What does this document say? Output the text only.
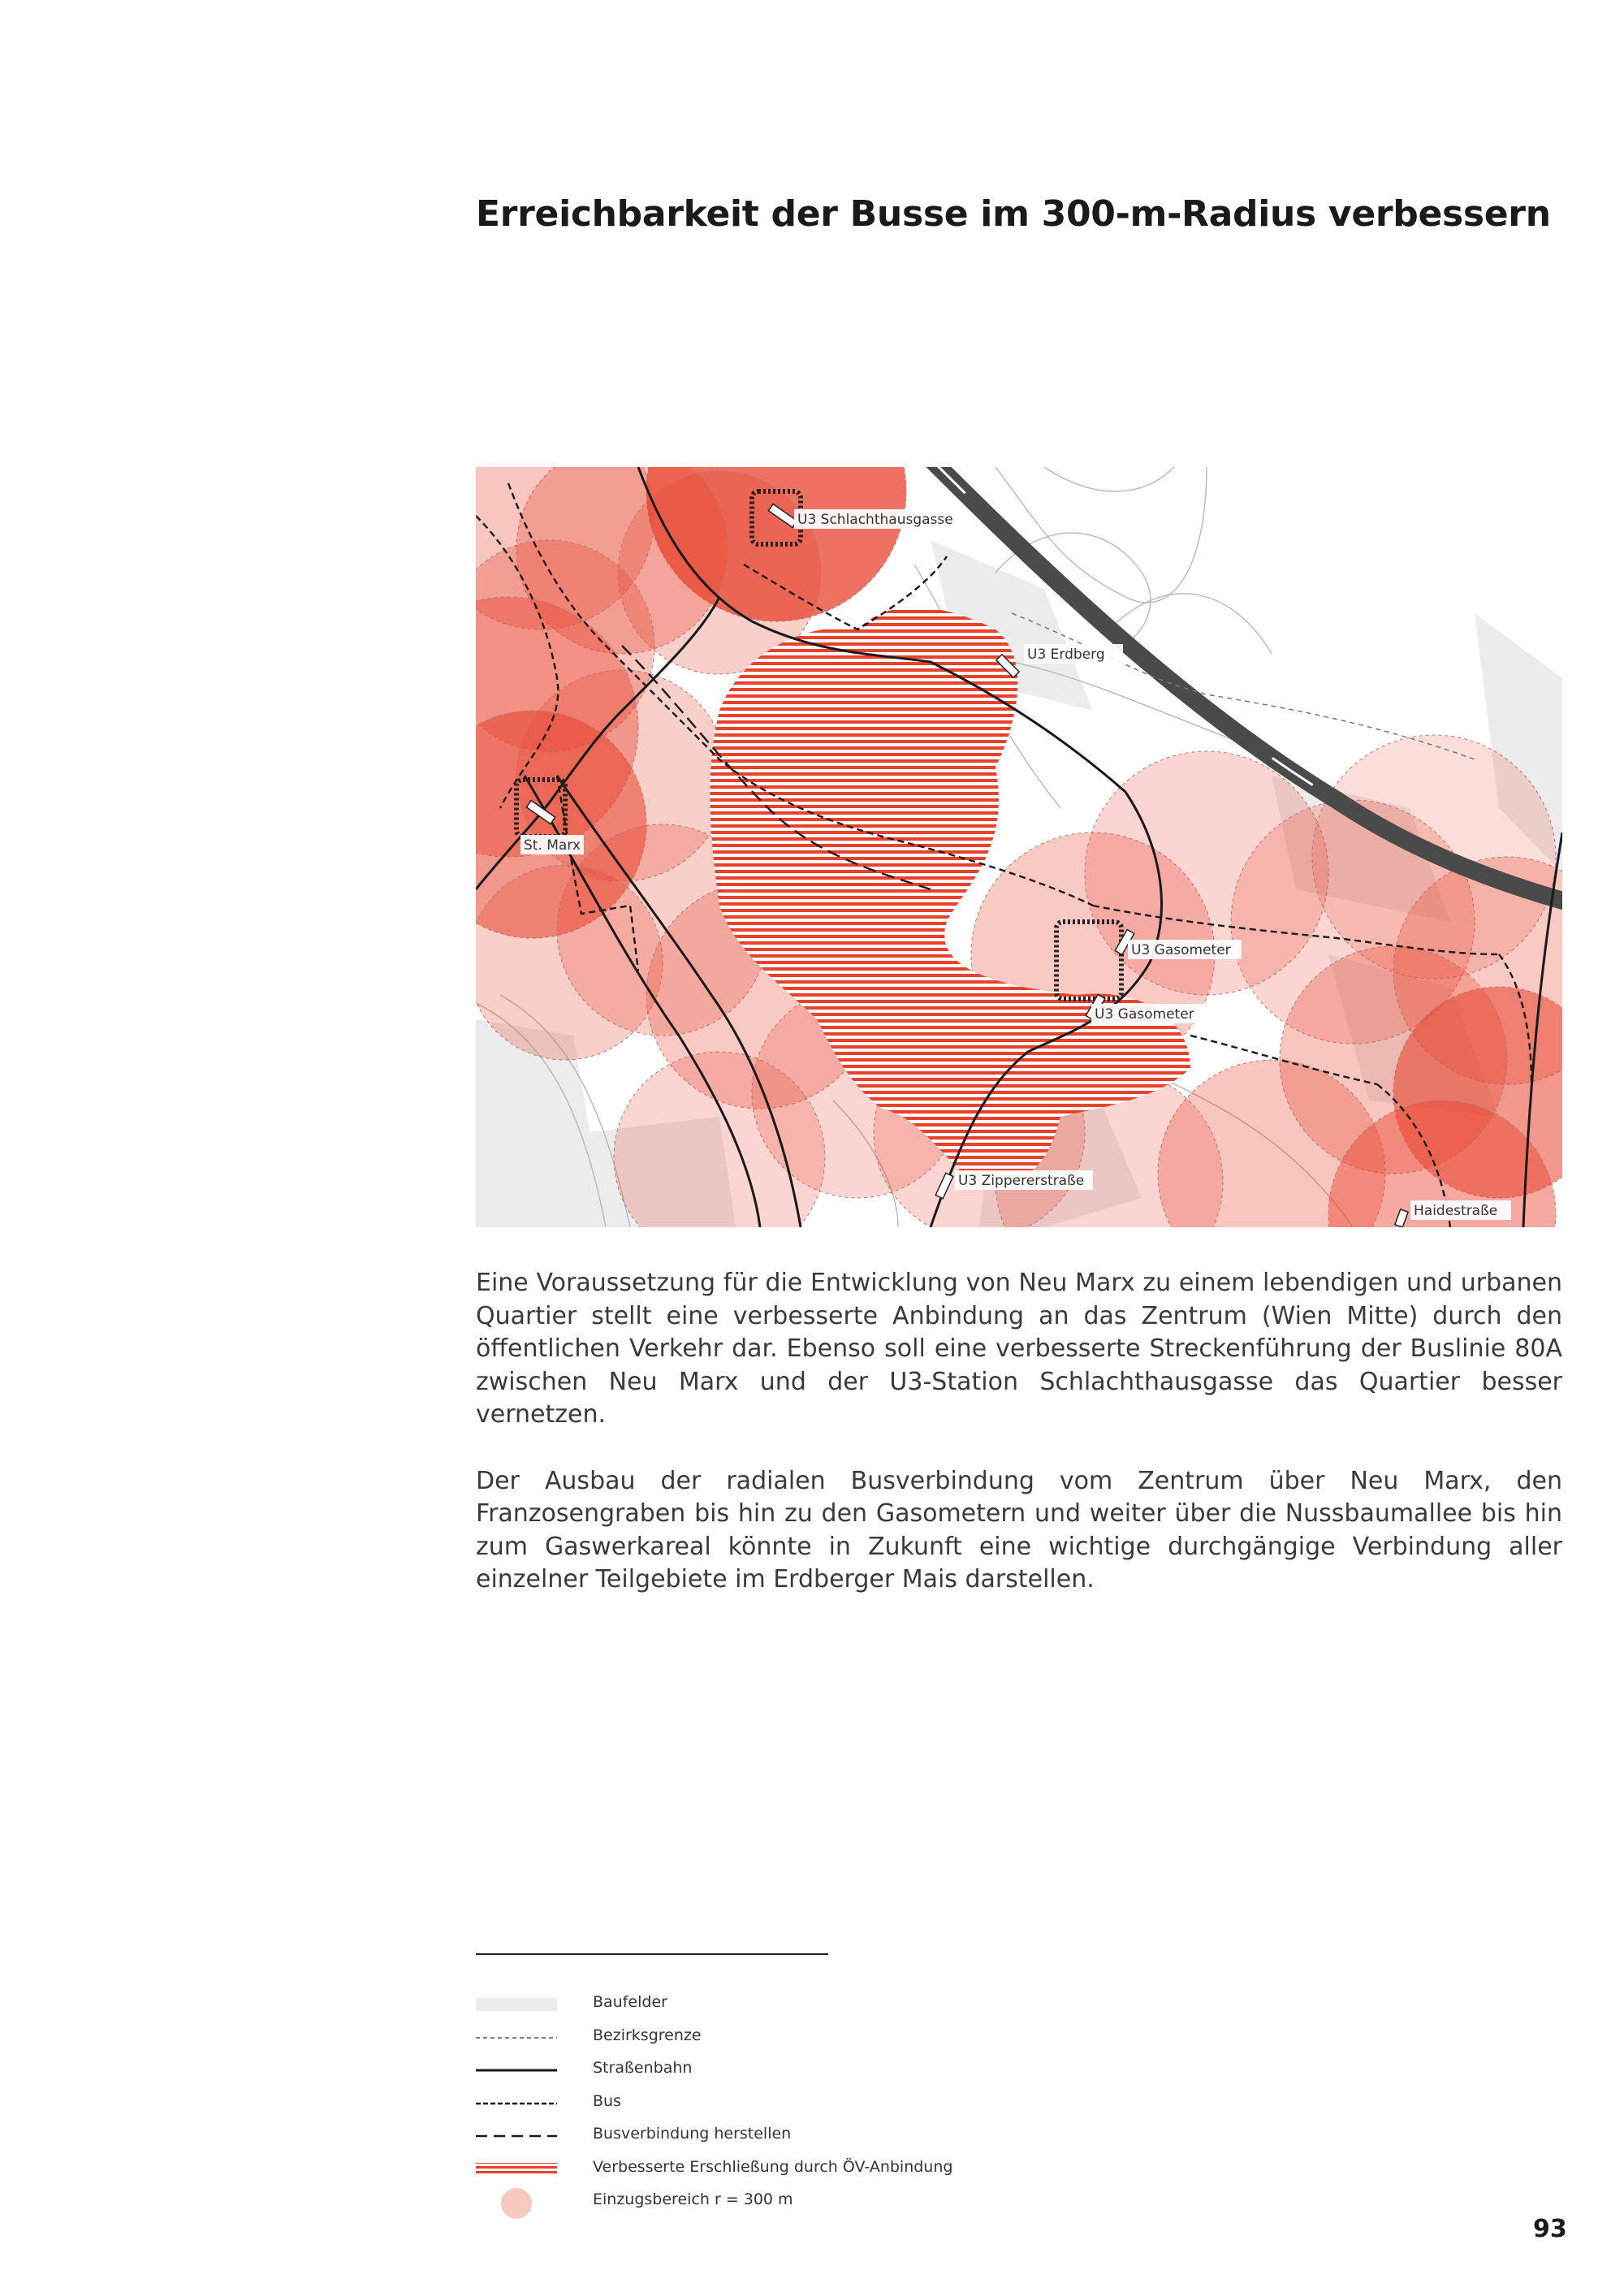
Erreichbarkeit der Busse im 300-m-Radius verbessern
U3 Schlachthausgasse
U3 Erdberg
St. Marx
U3 Gasometer
U3 Gasometer
U3 Zippererstraße
Haidestraße

Eine Voraussetzung für die Entwicklung von Neu Marx zu einem lebendigen und urbanen Quartier stellt eine verbesserte Anbindung an das Zentrum (Wien Mitte) durch den öffentlichen Verkehr dar. Ebenso soll eine verbesserte Streckenführung der Buslinie 80A zwischen Neu Marx und der U3-Station Schlachthausgasse das Quartier besser vernetzen.

Der Ausbau der radialen Busverbindung vom Zentrum über Neu Marx, den Franzosengraben bis hin zu den Gasometern und weiter über die Nussbaumallee bis hin zum Gaswerkareal könnte in Zukunft eine wichtige durchgängige Verbindung aller einzelner Teilgebiete im Erdberger Mais darstellen.

Baufelder
Bezirksgrenze
Straßenbahn
Bus
Busverbindung herstellen
Verbesserte Erschließung durch ÖV-Anbindung
Einzugsbereich r = 300 m
93
